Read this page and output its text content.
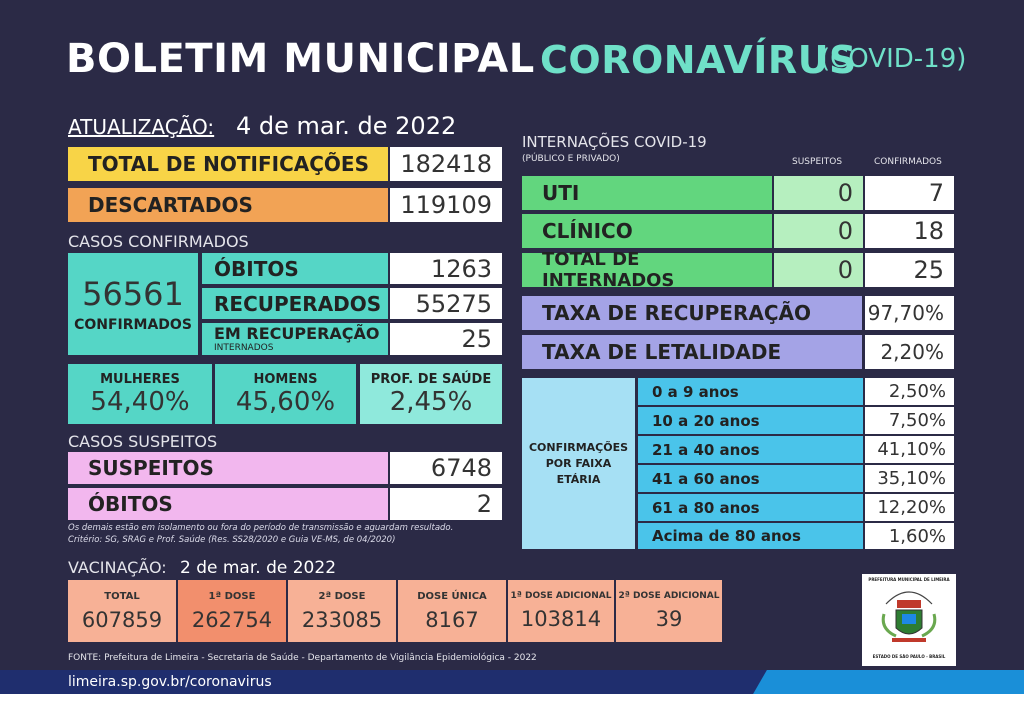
BOLETIM MUNICIPAL CORONAVÍRUS
(COVID-19)
ATUALIZAÇÃO: 4 de mar. de 2022
TOTAL DE NOTIFICAÇÕES	182418
DESCARTADOS	119109
CASOS CONFIRMADOS
56561
CONFIRMADOS
ÓBITOS	1263
RECUPERADOS	55275
EM RECUPERAÇÃO
INTERNADOS	25
MULHERES
54,40%
HOMENS
45,60%
PROF. DE SAÚDE
2,45%
CASOS SUSPEITOS
SUSPEITOS	6748
ÓBITOS	2
Os demais estão em isolamento ou fora do período de transmissão e aguardam resultado.
Critério: SG, SRAG e Prof. Saúde (Res. SS28/2020 e Guia VE-MS, de 04/2020)
INTERNAÇÕES COVID-19
(PÚBLICO E PRIVADO)	SUSPEITOS	CONFIRMADOS
UTI	0	7
CLÍNICO	0	18
TOTAL DE INTERNADOS	0	25
TAXA DE RECUPERAÇÃO	97,70%
TAXA DE LETALIDADE	2,20%
CONFIRMAÇÕES
POR FAIXA
ETÁRIA
0 a 9 anos	2,50%
10 a 20 anos	7,50%
21 a 40 anos	41,10%
41 a 60 anos	35,10%
61 a 80 anos	12,20%
Acima de 80 anos	1,60%
VACINAÇÃO: 2 de mar. de 2022
TOTAL
607859
1ª DOSE
262754
2ª DOSE
233085
DOSE ÚNICA
8167
1ª DOSE ADICIONAL
103814
2ª DOSE ADICIONAL
39
PREFEITURA MUNICIPAL DE LIMEIRA
ESTADO DE SÃO PAULO - BRASIL
FONTE: Prefeitura de Limeira - Secretaria de Saúde - Departamento de Vigilância Epidemiológica - 2022
limeira.sp.gov.br/coronavirus
